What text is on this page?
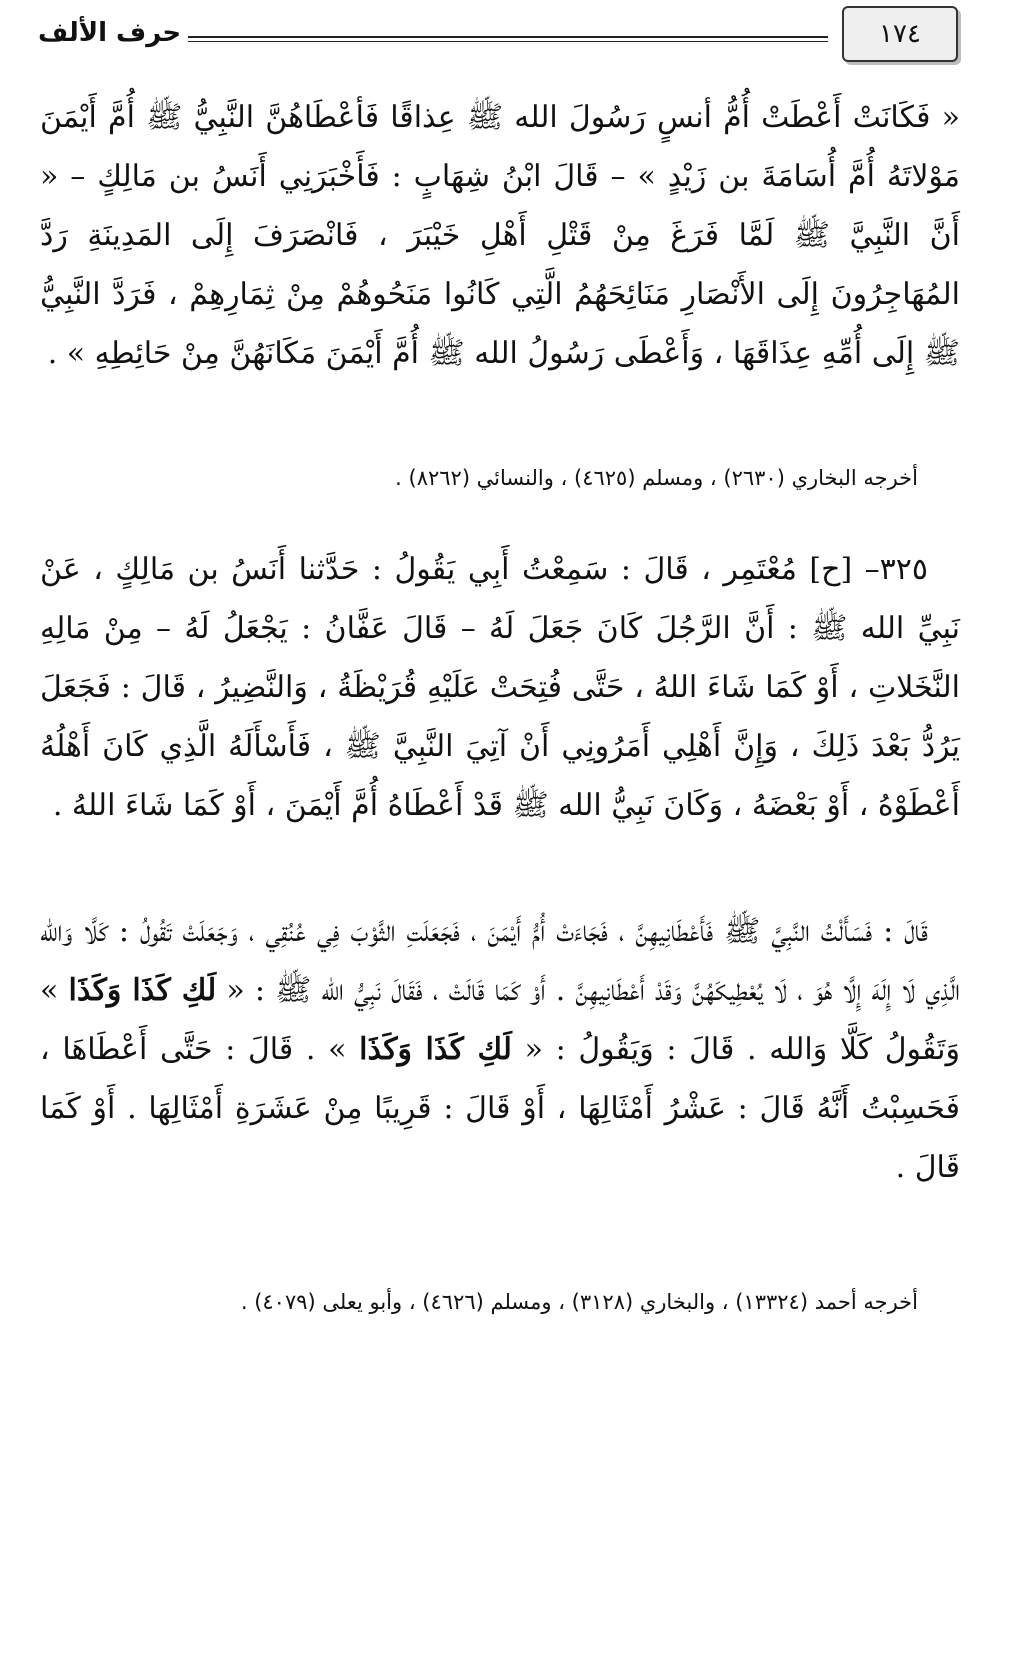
حرف الألف	١٧٤

« فَكَانَتْ أَعْطَتْ أُمُّ أنسٍ رَسُولَ الله ﷺ عِذاقًا فَأعْطَاهُنَّ النَّبِيُّ ﷺ أُمَّ أَيْمَنَ مَوْلاتَهُ أُمَّ أُسَامَةَ بن زَيْدٍ » – قَالَ ابْنُ شِهَابٍ : فَأَخْبَرَنِي أَنَسُ بن مَالِكٍ – « أَنَّ النَّبِيَّ ﷺ لَمَّا فَرَغَ مِنْ قَتْلِ أَهْلِ خَيْبَرَ ، فَانْصَرَفَ إِلَى المَدِينَةِ رَدَّ المُهَاجِرُونَ إِلَى الأَنْصَارِ مَنَائِحَهُمُ الَّتِي كَانُوا مَنَحُوهُمْ مِنْ ثِمَارِهِمْ ، فَرَدَّ النَّبِيُّ ﷺ إِلَى أُمِّهِ عِذَاقَهَا ، وَأَعْطَى رَسُولُ الله ﷺ أُمَّ أَيْمَنَ مَكَانَهُنَّ مِنْ حَائِطِهِ » .

أخرجه البخاري (٢٦٣٠) ، ومسلم (٤٦٢٥) ، والنسائي (٨٢٦٢) .

٣٢٥– [ح] مُعْتَمِر ، قَالَ : سَمِعْتُ أَبِي يَقُولُ : حَدَّثنا أَنَسُ بن مَالِكٍ ، عَنْ نَبِيِّ الله ﷺ : أَنَّ الرَّجُلَ كَانَ جَعَلَ لَهُ – قَالَ عَفَّانُ : يَجْعَلُ لَهُ – مِنْ مَالِهِ النَّخَلاتِ ، أَوْ كَمَا شَاءَ اللهُ ، حَتَّى فُتِحَتْ عَلَيْهِ قُرَيْظَةُ ، وَالنَّضِيرُ ، قَالَ : فَجَعَلَ يَرُدُّ بَعْدَ ذَلِكَ ، وَإِنَّ أَهْلِي أَمَرُونِي أَنْ آتِيَ النَّبِيَّ ﷺ ، فَأَسْأَلَهُ الَّذِي كَانَ أَهْلُهُ أَعْطَوْهُ ، أَوْ بَعْضَهُ ، وَكَانَ نَبِيُّ الله ﷺ قَدْ أَعْطَاهُ أُمَّ أَيْمَنَ ، أَوْ كَمَا شَاءَ اللهُ .

قَالَ : فَسَأَلْتُ النَّبِيَّ ﷺ فَأَعْطَانِيهِنَّ ، فَجَاءَتْ أُمُّ أَيْمَنَ ، فَجَعَلَتِ الثَّوْبَ فِي عُنُقِي ، وَجَعَلَتْ تَقُولُ : كَلَّا وَالله الَّذِي لَا إِلَهَ إِلَّا هُوَ ، لَا يُعْطِيكَهُنَّ وَقَدْ أَعْطَانِيهِنَّ . أَوْ كَمَا قَالَتْ ، فَقَالَ نَبِيُّ الله ﷺ : « لَكِ كَذَا وَكَذَا » وَتَقُولُ كَلَّا وَالله . قَالَ : وَيَقُولُ : « لَكِ كَذَا وَكَذَا » . قَالَ : حَتَّى أَعْطَاهَا ، فَحَسِبْتُ أَنَّهُ قَالَ : عَشْرُ أَمْثَالِهَا ، أَوْ قَالَ : قَرِيبًا مِنْ عَشَرَةِ أَمْثَالِهَا . أَوْ كَمَا قَالَ .

أخرجه أحمد (١٣٣٢٤) ، والبخاري (٣١٢٨) ، ومسلم (٤٦٢٦) ، وأبو يعلى (٤٠٧٩) .
